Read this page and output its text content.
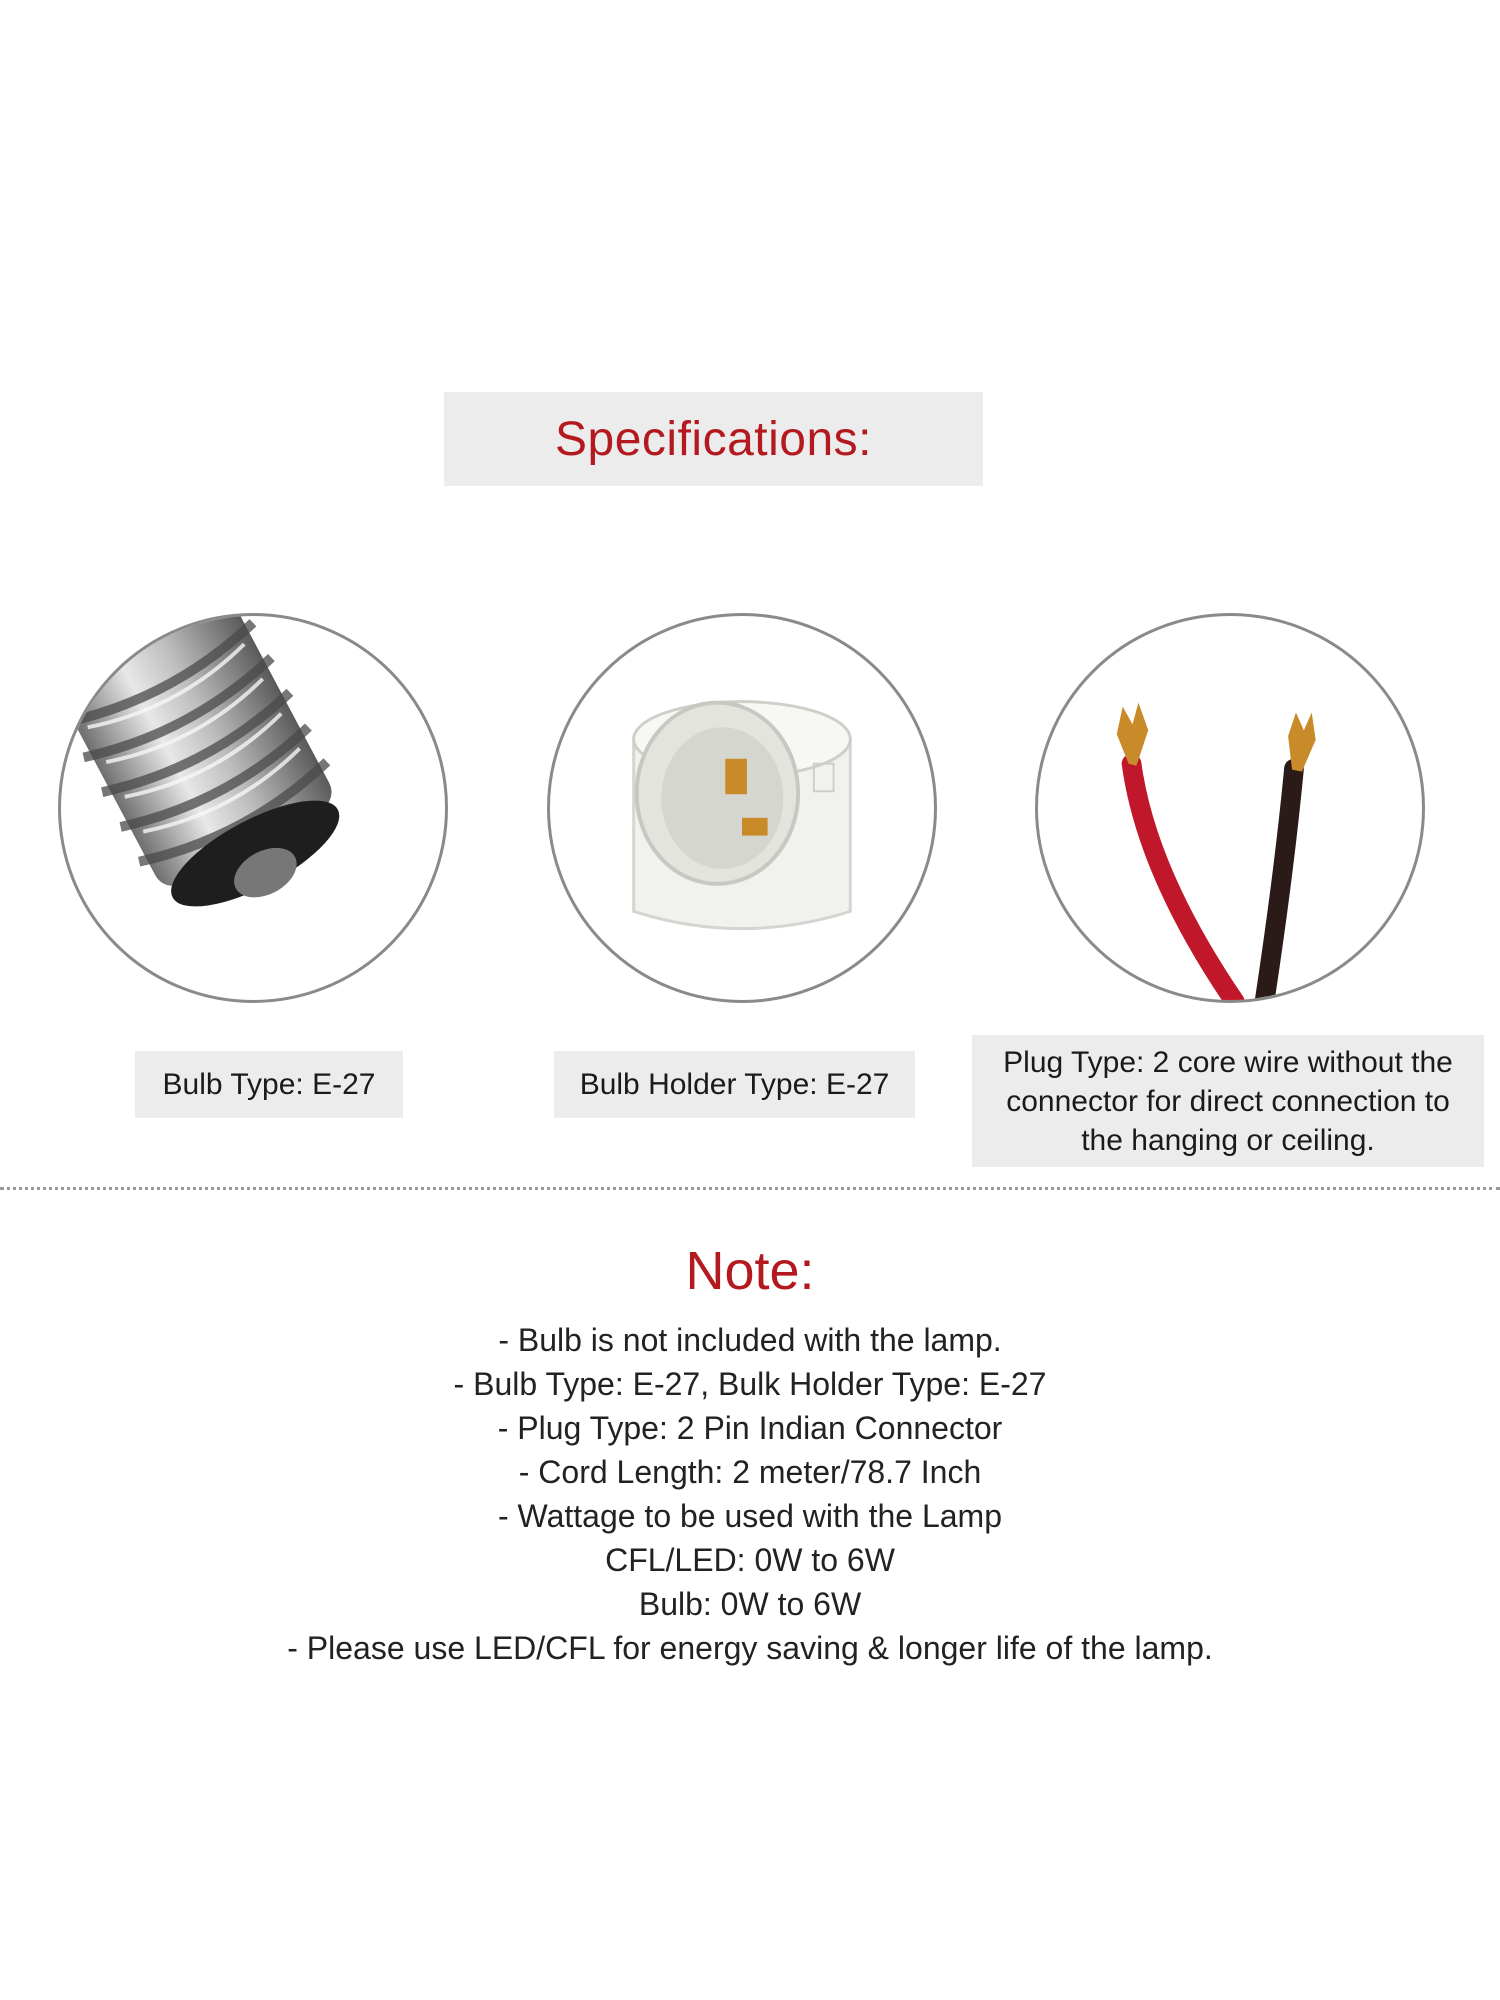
Specifications:
Bulb Type: E-27	Bulb Holder Type: E-27
Plug Type: 2 core wire without the connector for direct connection to the hanging or ceiling.
Note:
- Bulb is not included with the lamp.
- Bulb Type: E-27, Bulk Holder Type: E-27
- Plug Type: 2 Pin Indian Connector
- Cord Length: 2 meter/78.7 Inch
- Wattage to be used with the Lamp
CFL/LED: 0W to 6W
Bulb: 0W to 6W
- Please use LED/CFL for energy saving & longer life of the lamp.
